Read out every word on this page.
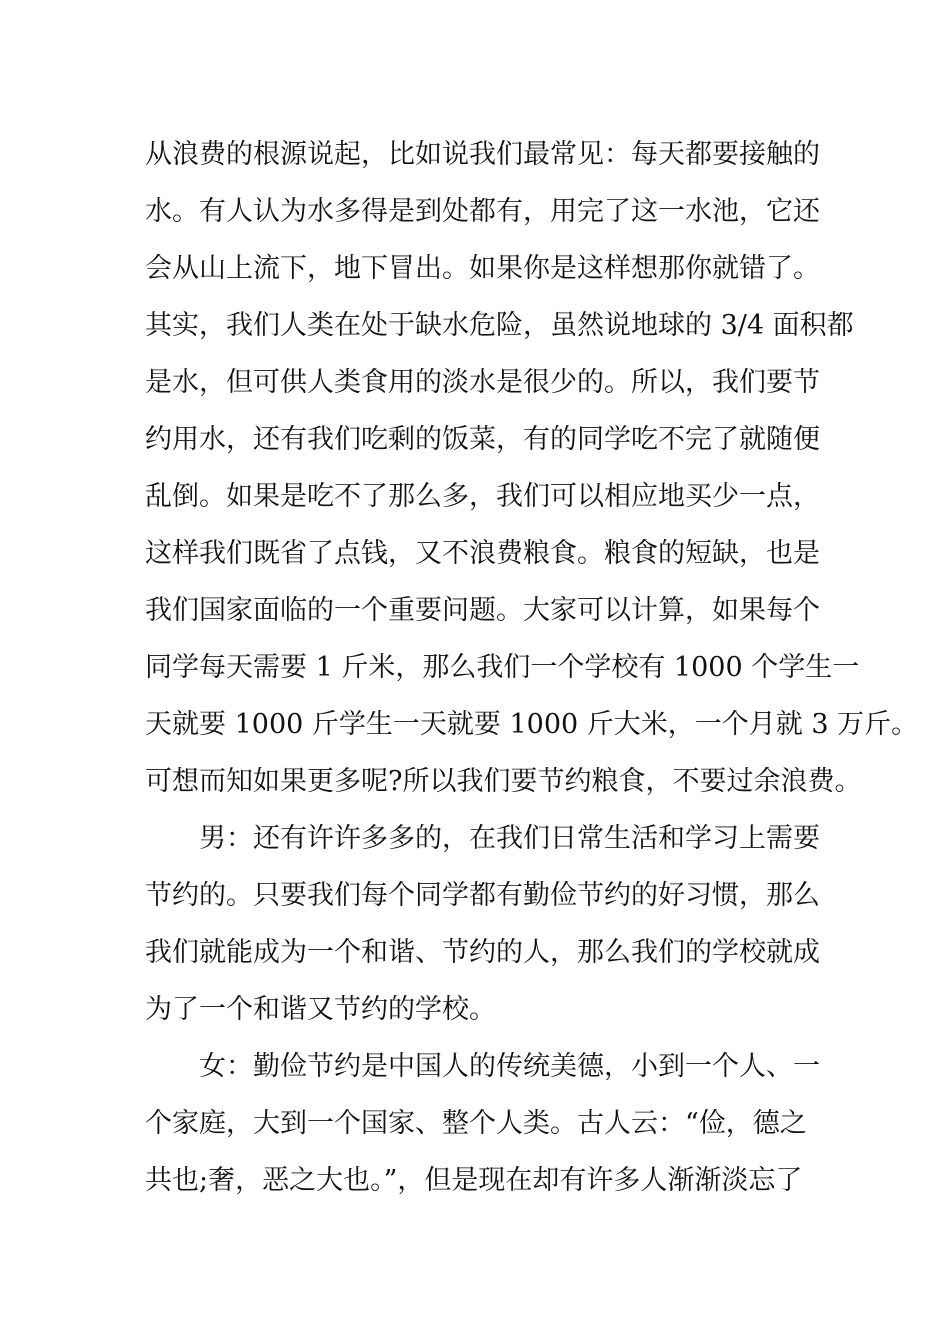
从浪费的根源说起，比如说我们最常见：每天都要接触的
水。有人认为水多得是到处都有，用完了这一水池，它还
会从山上流下，地下冒出。如果你是这样想那你就错了。
其实，我们人类在处于缺水危险，虽然说地球的 3/4 面积都
是水，但可供人类食用的淡水是很少的。所以，我们要节
约用水，还有我们吃剩的饭菜，有的同学吃不完了就随便
乱倒。如果是吃不了那么多，我们可以相应地买少一点，
这样我们既省了点钱，又不浪费粮食。粮食的短缺，也是
我们国家面临的一个重要问题。大家可以计算，如果每个
同学每天需要 1 斤米，那么我们一个学校有 1000 个学生一
天就要 1000 斤学生一天就要 1000 斤大米，一个月就 3 万斤。
可想而知如果更多呢?所以我们要节约粮食，不要过余浪费。
男：还有许许多多的，在我们日常生活和学习上需要
节约的。只要我们每个同学都有勤俭节约的好习惯，那么
我们就能成为一个和谐、节约的人，那么我们的学校就成
为了一个和谐又节约的学校。
女：勤俭节约是中国人的传统美德，小到一个人、一
个家庭，大到一个国家、整个人类。古人云：“俭，德之
共也;奢，恶之大也。”，但是现在却有许多人渐渐淡忘了
